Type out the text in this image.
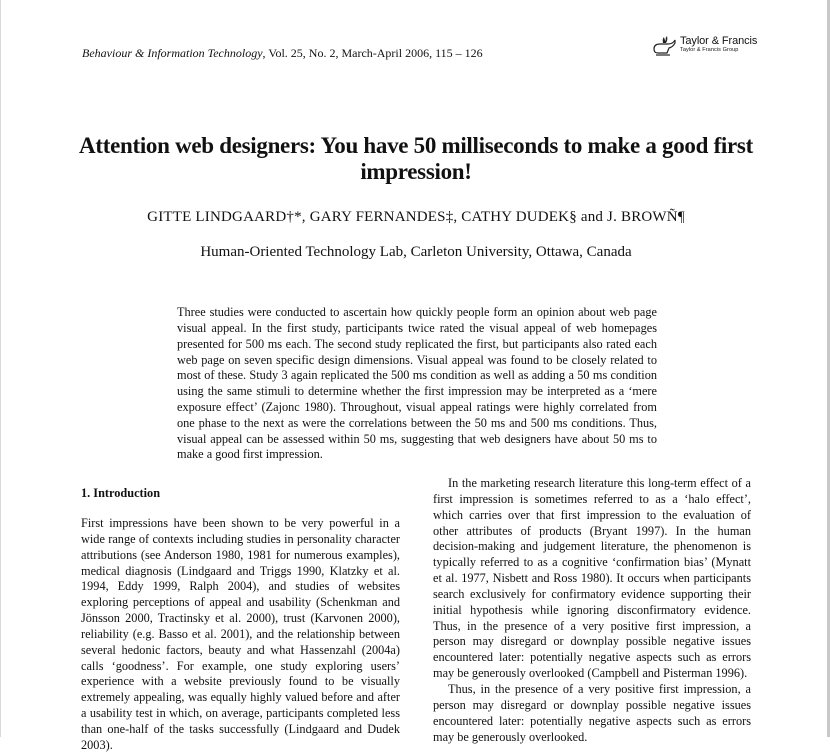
Behaviour & Information Technology, Vol. 25, No. 2, March-April 2006, 115 – 126
Taylor & Francis
Taylor & Francis Group
Attention web designers: You have 50 milliseconds to make a good first impression!
GITTE LINDGAARD†*, GARY FERNANDES‡, CATHY DUDEK§ and J. BROWÑ¶
Human-Oriented Technology Lab, Carleton University, Ottawa, Canada

Three studies were conducted to ascertain how quickly people form an opinion about web page visual appeal. In the first study, participants twice rated the visual appeal of web homepages presented for 500 ms each. The second study replicated the first, but participants also rated each web page on seven specific design dimensions. Visual appeal was found to be closely related to most of these. Study 3 again replicated the 500 ms condition as well as adding a 50 ms condition using the same stimuli to determine whether the first impression may be interpreted as a ‘mere exposure effect’ (Zajonc 1980). Throughout, visual appeal ratings were highly correlated from one phase to the next as were the correlations between the 50 ms and 500 ms conditions. Thus, visual appeal can be assessed within 50 ms, suggesting that web designers have about 50 ms to make a good first impression.

1. Introduction

First impressions have been shown to be very powerful in a wide range of contexts including studies in personality character attributions (see Anderson 1980, 1981 for numerous examples), medical diagnosis (Lindgaard and Triggs 1990, Klatzky et al. 1994, Eddy 1999, Ralph 2004), and studies of websites exploring perceptions of appeal and usability (Schenkman and Jönsson 2000, Tractinsky et al. 2000), trust (Karvonen 2000), reliability (e.g. Basso et al. 2001), and the relationship between several hedonic factors, beauty and what Hassenzahl (2004a) calls ‘goodness’. For example, one study exploring users’ experience with a website previously found to be visually extremely appealing, was equally highly valued before and after a usability test in which, on average, participants completed less than one-half of the tasks successfully (Lindgaard and Dudek 2003).

In the marketing research literature this long-term effect of a first impression is sometimes referred to as a ‘halo effect’, which carries over that first impression to the evaluation of other attributes of products (Bryant 1997). In the human decision-making and judgement literature, the phenomenon is typically referred to as a cognitive ‘confirmation bias’ (Mynatt et al. 1977, Nisbett and Ross 1980). It occurs when participants search exclusively for confirmatory evidence supporting their initial hypothesis while ignoring disconfirmatory evidence. Thus, in the presence of a very positive first impression, a person may disregard or downplay possible negative issues encountered later: potentially negative aspects such as errors may be generously overlooked (Campbell and Pisterman 1996).

Thus, in the presence of a very positive first impression, a person may disregard or downplay possible negative issues encountered later: potentially negative aspects such as errors may be generously overlooked.
